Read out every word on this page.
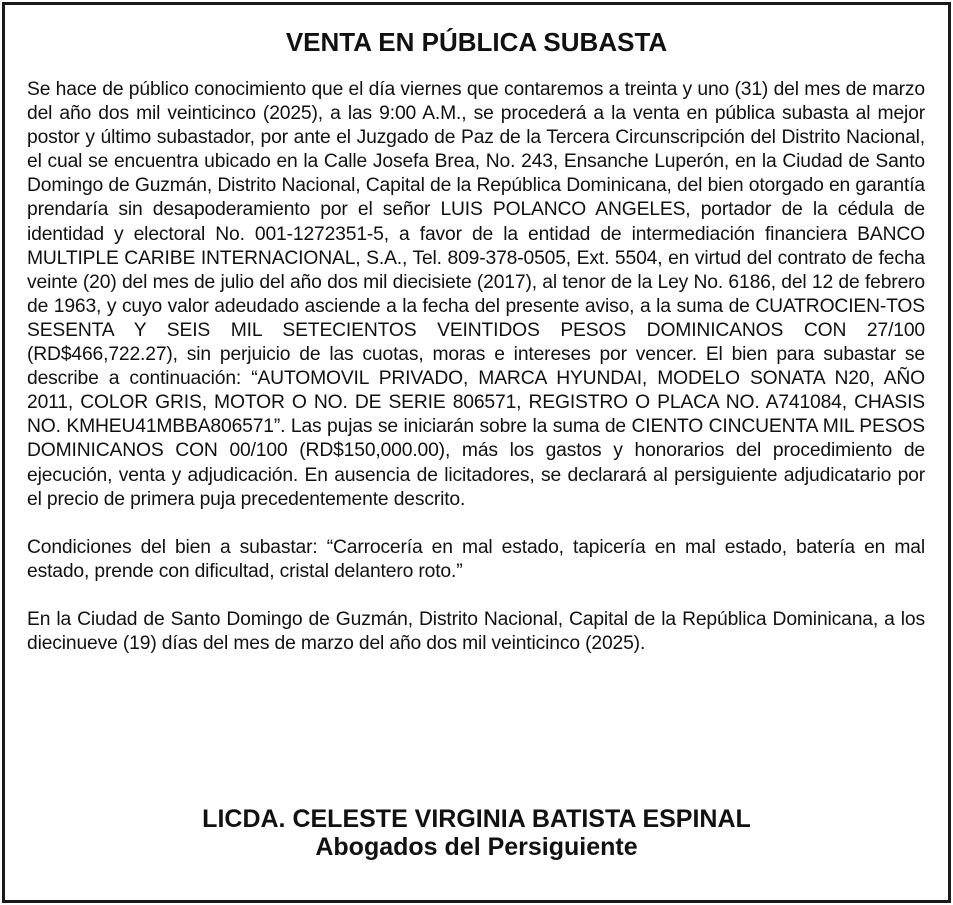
VENTA EN PÚBLICA SUBASTA

Se hace de público conocimiento que el día viernes que contaremos a treinta y uno (31) del mes de marzo del año dos mil veinticinco (2025), a las 9:00 A.M., se procederá a la venta en pública subasta al mejor postor y último subastador, por ante el Juzgado de Paz de la Tercera Circunscripción del Distrito Nacional, el cual se encuentra ubicado en la Calle Josefa Brea, No. 243, Ensanche Luperón, en la Ciudad de Santo Domingo de Guzmán, Distrito Nacional, Capital de la República Dominicana, del bien otorgado en garantía prendaría sin desapoderamiento por el señor LUIS POLANCO ANGELES, portador de la cédula de identidad y electoral No. 001-1272351-5, a favor de la entidad de intermediación financiera BANCO MULTIPLE CARIBE INTERNACIONAL, S.A., Tel. 809-378-0505, Ext. 5504, en virtud del contrato de fecha veinte (20) del mes de julio del año dos mil diecisiete (2017), al tenor de la Ley No. 6186, del 12 de febrero de 1963, y cuyo valor adeudado asciende a la fecha del presente aviso, a la suma de CUATROCIEN-TOS SESENTA Y SEIS MIL SETECIENTOS VEINTIDOS PESOS DOMINICANOS CON 27/100 (RD$466,722.27), sin perjuicio de las cuotas, moras e intereses por vencer. El bien para subastar se describe a continuación: “AUTOMOVIL PRIVADO, MARCA HYUNDAI, MODELO SONATA N20, AÑO 2011, COLOR GRIS, MOTOR O NO. DE SERIE 806571, REGISTRO O PLACA NO. A741084, CHASIS NO. KMHEU41MBBA806571”. Las pujas se iniciarán sobre la suma de CIENTO CINCUENTA MIL PESOS DOMINICANOS CON 00/100 (RD$150,000.00), más los gastos y honorarios del procedimiento de ejecución, venta y adjudicación. En ausencia de licitadores, se declarará al persiguiente adjudicatario por el precio de primera puja precedentemente descrito.

Condiciones del bien a subastar: “Carrocería en mal estado, tapicería en mal estado, batería en mal estado, prende con dificultad, cristal delantero roto.”

En la Ciudad de Santo Domingo de Guzmán, Distrito Nacional, Capital de la República Dominicana, a los diecinueve (19) días del mes de marzo del año dos mil veinticinco (2025).

LICDA. CELESTE VIRGINIA BATISTA ESPINAL
Abogados del Persiguiente
